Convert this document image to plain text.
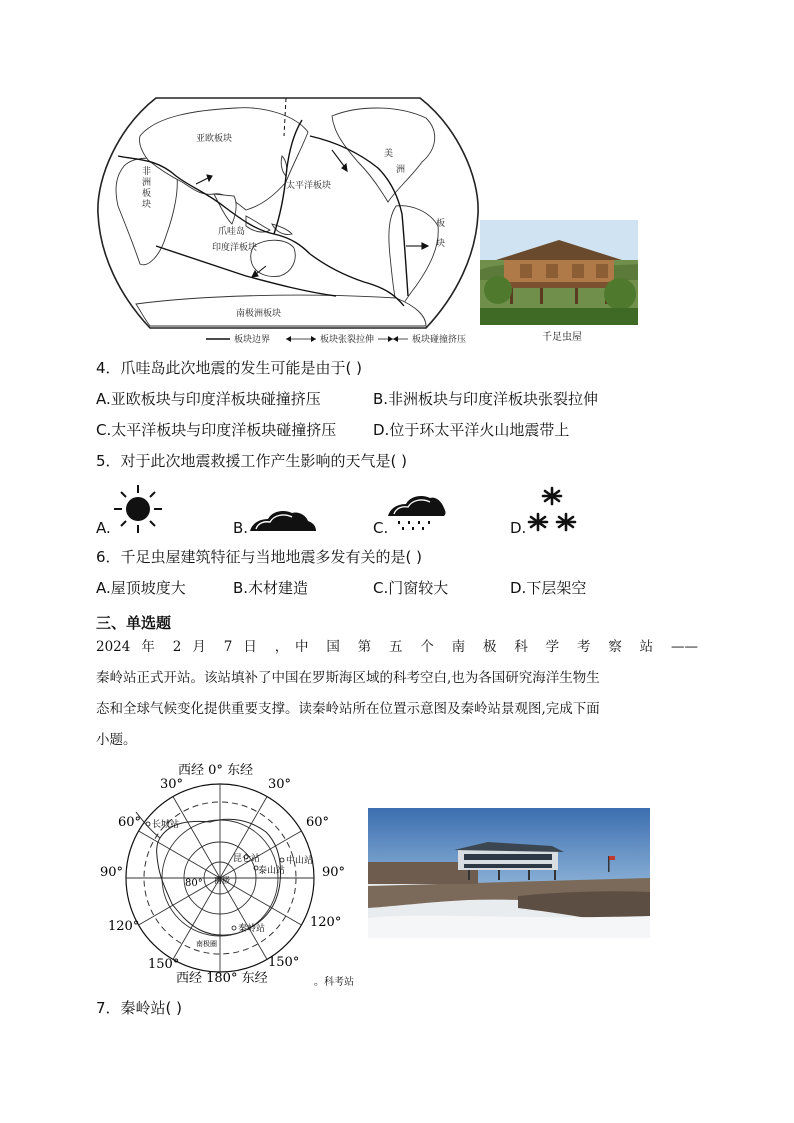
亚欧板块
非
洲
板
块
太平洋板块
爪哇岛
印度洋板块
南极洲板块
美
洲
板
块
板块边界	板块张裂拉伸	板块碰撞挤压	千足虫屋
4．爪哇岛此次地震的发生可能是由于( )
A.亚欧板块与印度洋板块碰撞挤压	B.非洲板块与印度洋板块张裂拉伸
C.太平洋板块与印度洋板块碰撞挤压 D.位于环太平洋火山地震带上
5．对于此次地震救援工作产生影响的天气是( )
A.	B.	C.	D.
6．千足虫屋建筑特征与当地地震多发有关的是( )
A.屋顶坡度大	B.木材建造	C.门窗较大	D.下层架空
三、单选题
2024 年 2 月 7 日 ，中 国 第 五 个 南 极 科 学 考 察 站 ——
秦岭站正式开站。该站填补了中国在罗斯海区域的科考空白,也为各国研究海洋生物生
态和全球气候变化提供重要支撑。读秦岭站所在位置示意图及秦岭站景观图,完成下面
小题。
西经 0° 东经
30°	30°
60°	60°
90°	90°
120°	120°
150°	150°
西经 180° 东经
80°
长城站
昆仑站	中山站
泰山站
秦岭站
南极圈
南极
。科考站
7．秦岭站( )
